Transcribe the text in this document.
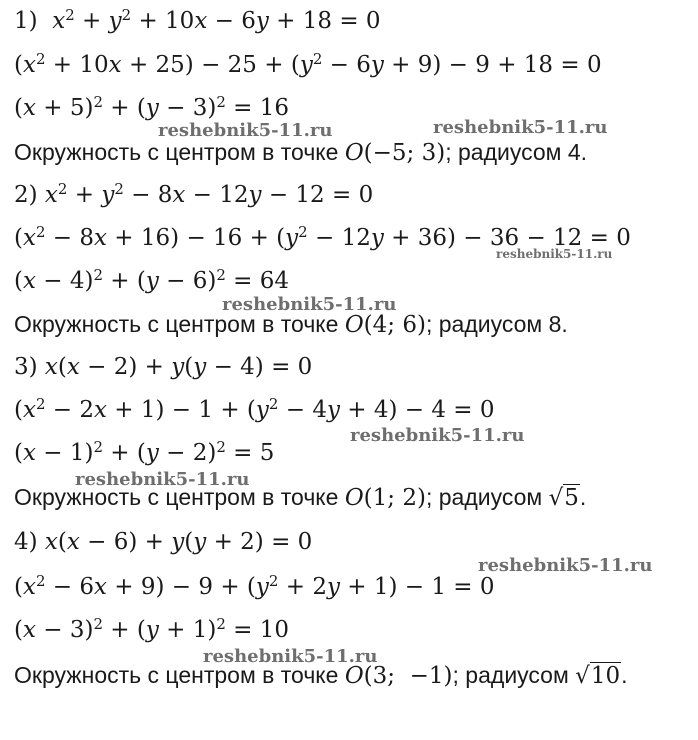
1) $x^2 + y^2 + 10x - 6y + 18 = 0$
$(x^2 + 10x + 25) - 25 + (y^2 - 6y + 9) - 9 + 18 = 0$
$(x + 5)^2 + (y - 3)^2 = 16$
Окружность с центром в точке O(−5; 3); радиусом 4.
2) $x^2 + y^2 - 8x - 12y - 12 = 0$
$(x^2 - 8x + 16) - 16 + (y^2 - 12y + 36) - 36 - 12 = 0$
$(x - 4)^2 + (y - 6)^2 = 64$
Окружность с центром в точке O(4; 6); радиусом 8.
3) x(x − 2) + y(y − 4) = 0
$(x^2 - 2x + 1) - 1 + (y^2 - 4y + 4) - 4 = 0$
$(x - 1)^2 + (y - 2)^2 = 5$
Окружность с центром в точке O(1; 2); радиусом √5.
4) x(x − 6) + y(y + 2) = 0
$(x^2 - 6x + 9) - 9 + (y^2 + 2y + 1) - 1 = 0$
$(x - 3)^2 + (y + 1)^2 = 10$
Окружность с центром в точке O(3;  −1); радиусом √10.
reshebnik5-11.ru	reshebnik5-11.ru
reshebnik5-11.ru
reshebnik5-11.ru
reshebnik5-11.ru
reshebnik5-11.ru
reshebnik5-11.ru
reshebnik5-11.ru
